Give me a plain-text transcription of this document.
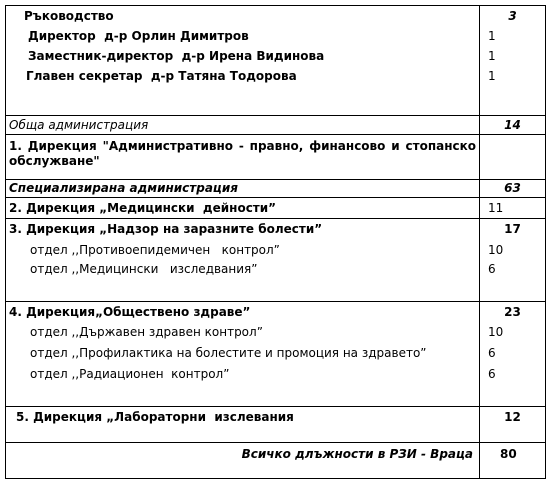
Ръководство	3
Директор  д-р Орлин Димитров	1
Заместник-директор  д-р Ирена Видинова	1
Главен секретар  д-р Татяна Тодорова	1
Обща администрация	14
1. Дирекция "Административно - правно, финансово и стопанско обслужване"	
Специализирана администрация	63
2. Дирекция „Медицински  дейности”	11
3. Дирекция „Надзор на заразните болести”	17
отдел ,,Противоепидемичен   контрол”	10
отдел ,,Медицински   изследвания”	6
4. Дирекция„Обществено здраве”	23
отдел ,,Държавен здравен контрол”	10
отдел ,,Профилактика на болестите и промоция на здравето”	6
отдел ,,Радиационен  контрол”	6
5. Дирекция „Лабораторни  изслевания	12
Всичко длъжности в РЗИ - Враца	80
